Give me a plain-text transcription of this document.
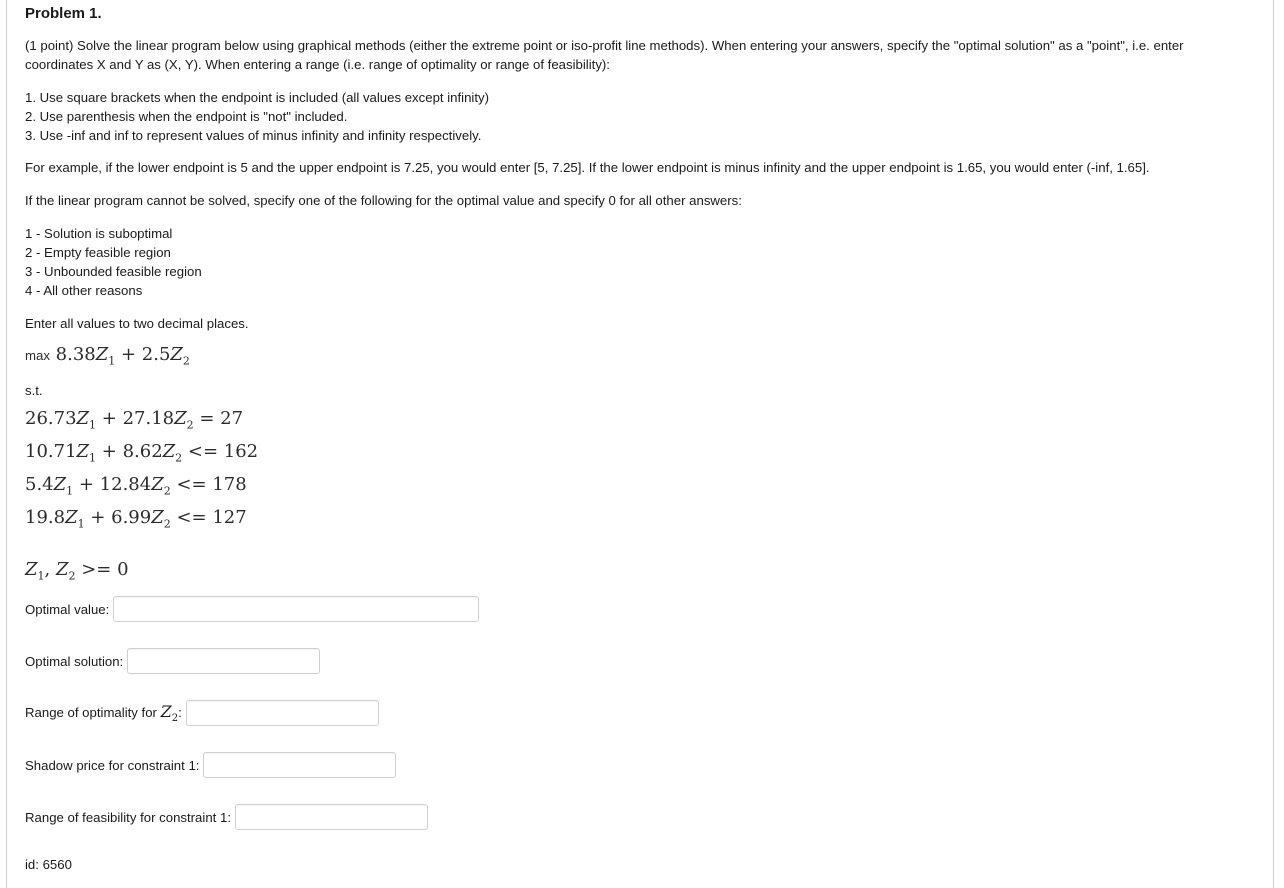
Problem 1.

(1 point) Solve the linear program below using graphical methods (either the extreme point or iso-profit line methods). When entering your answers, specify the "optimal solution" as a "point", i.e. enter coordinates X and Y as (X, Y). When entering a range (i.e. range of optimality or range of feasibility):

1. Use square brackets when the endpoint is included (all values except infinity)
2. Use parenthesis when the endpoint is "not" included.
3. Use -inf and inf to represent values of minus infinity and infinity respectively.

For example, if the lower endpoint is 5 and the upper endpoint is 7.25, you would enter [5, 7.25]. If the lower endpoint is minus infinity and the upper endpoint is 1.65, you would enter (-inf, 1.65].

If the linear program cannot be solved, specify one of the following for the optimal value and specify 0 for all other answers:

1 - Solution is suboptimal
2 - Empty feasible region
3 - Unbounded feasible region
4 - All other reasons

Enter all values to two decimal places.

$\max 8.38Z_1 + 2.5Z_2$
s.t.
$26.73Z_1 + 27.18Z_2 = 27$
$10.71Z_1 + 8.62Z_2 <= 162$
$5.4Z_1 + 12.84Z_2 <= 178$
$19.8Z_1 + 6.99Z_2 <= 127$
$Z_1$, $Z_2 >= 0$
Optimal value:
Optimal solution:
Range of optimality for $Z_2$:
Shadow price for constraint 1:
Range of feasibility for constraint 1:
id: 6560
